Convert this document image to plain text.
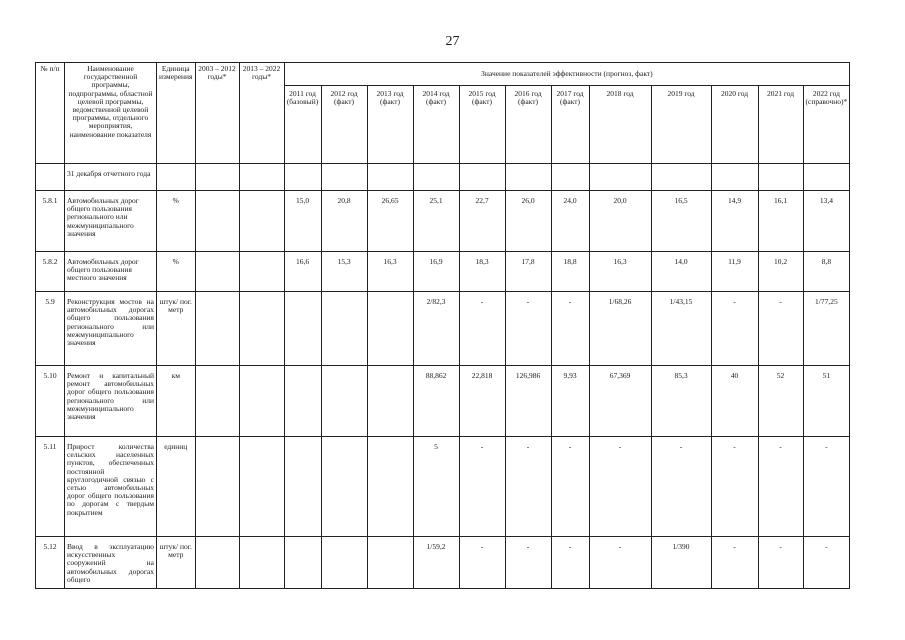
27
№ п/п	Наименование государственной программы, подпрограммы, областной целевой программы, ведомственной целевой программы, отдельного мероприятия, наименование показателя	Единица измерения	2003 – 2012 годы*	2013 – 2022 годы*	Значение показателей эффективности (прогноз, факт)											
					2011 год (базовый)	2012 год (факт)	2013 год (факт)	2014 год (факт)	2015 год (факт)	2016 год (факт)	2017 год (факт)	2018 год	2019 год	2020 год	2021 год	2022 год (справочно)*
	31 декабря отчетного года															
5.8.1	Автомобильных дорог общего пользования регионального или межмуниципального значения	%			15,0	20,8	26,65	25,1	22,7	26,0	24,0	20,0	16,5	14,9	16,1	13,4
5.8.2	Автомобильных дорог общего пользования местного значения	%			16,6	15,3	16,3	16,9	18,3	17,8	18,8	16,3	14,0	11,9	10,2	8,8
5.9	Реконструкция мостов на автомобильных дорогах общего пользования регионального или межмуниципального значения	штук/ пог. метр						2/82,3	-	-	-	1/68,26	1/43,15	-	-	1/77,25
5.10	Ремонт и капитальный ремонт автомобильных дорог общего пользования регионального или межмуниципального значения	км						88,862	22,818	126,986	9,93	67,369	85,3	40	52	51
5.11	Прирост количества сельских населенных пунктов, обеспеченных постоянной круглогодичной связью с сетью автомобильных дорог общего пользования по дорогам с твердым покрытием	единиц						5	-	-	-	-	-	-	-	-
5.12	Ввод в эксплуатацию искусственных сооружений на автомобильных дорогах общего	штук/ пог. метр						1/59,2	-	-	-	-	1/390	-	-	-
